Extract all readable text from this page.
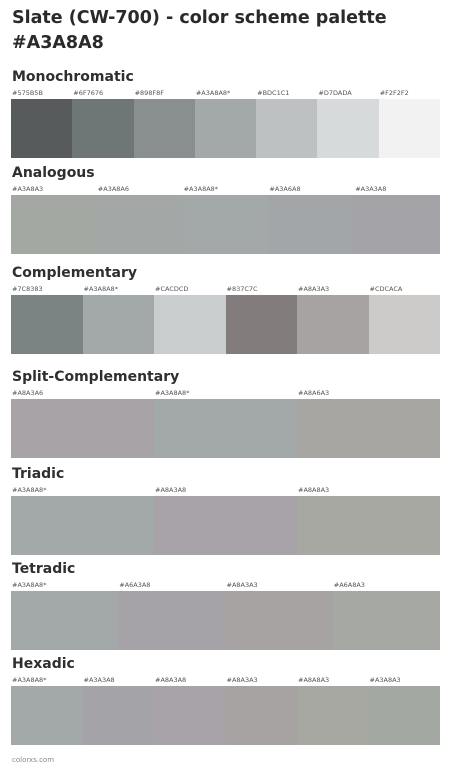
Slate (CW-700) - color scheme palette
#A3A8A8
Monochromatic
#575B5B	#6F7676	#898F8F	#A3A8A8*	#BDC1C1	#D7DADA	#F2F2F2
Analogous
#A3A8A3	#A3A8A6	#A3A8A8*	#A3A6A8	#A3A3A8
Complementary
#7C8383	#A3A8A8*	#CACDCD	#837C7C	#A8A3A3	#CDCACA
Split-Complementary
#A8A3A6	#A3A8A8*	#A8A6A3
Triadic
#A3A8A8*	#A8A3A8	#A8A8A3
Tetradic
#A3A8A8*	#A6A3A8	#A8A3A3	#A6A8A3
Hexadic
#A3A8A8*	#A3A3A8	#A8A3A8	#A8A3A3	#A8A8A3	#A3A8A3
colorxs.com
